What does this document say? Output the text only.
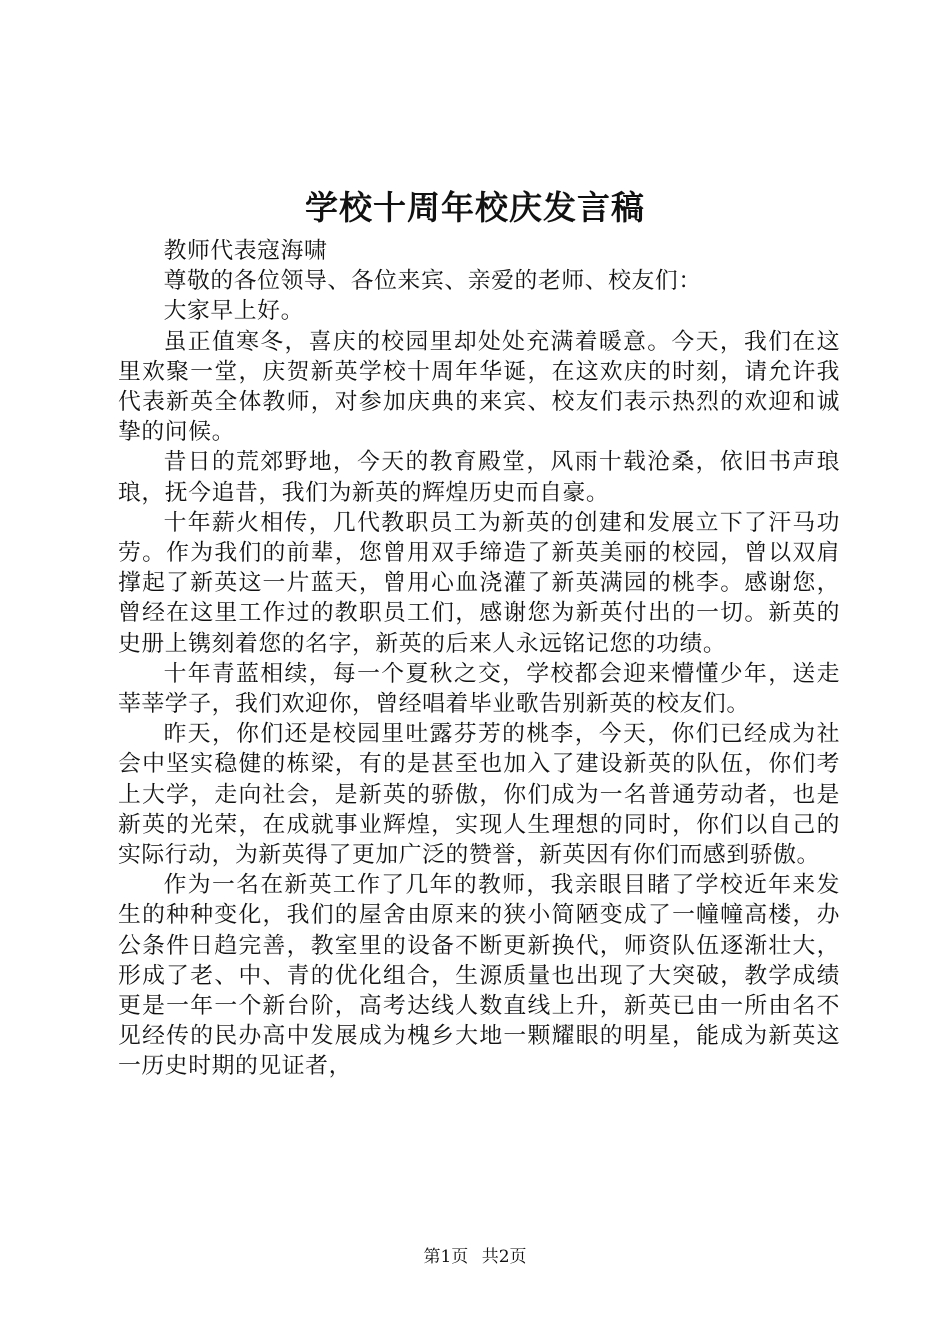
学校十周年校庆发言稿

教师代表寇海啸

尊敬的各位领导、各位来宾、亲爱的老师、校友们：

大家早上好。

虽正值寒冬，喜庆的校园里却处处充满着暖意。今天，我们在这里欢聚一堂，庆贺新英学校十周年华诞，在这欢庆的时刻，请允许我代表新英全体教师，对参加庆典的来宾、校友们表示热烈的欢迎和诚挚的问候。

昔日的荒郊野地，今天的教育殿堂，风雨十载沧桑，依旧书声琅琅，抚今追昔，我们为新英的辉煌历史而自豪。

十年薪火相传，几代教职员工为新英的创建和发展立下了汗马功劳。作为我们的前辈，您曾用双手缔造了新英美丽的校园，曾以双肩撑起了新英这一片蓝天，曾用心血浇灌了新英满园的桃李。感谢您，曾经在这里工作过的教职员工们，感谢您为新英付出的一切。新英的史册上镌刻着您的名字，新英的后来人永远铭记您的功绩。

十年青蓝相续，每一个夏秋之交，学校都会迎来懵懂少年，送走莘莘学子，我们欢迎你，曾经唱着毕业歌告别新英的校友们。

昨天，你们还是校园里吐露芬芳的桃李，今天，你们已经成为社会中坚实稳健的栋梁，有的是甚至也加入了建设新英的队伍，你们考上大学，走向社会，是新英的骄傲，你们成为一名普通劳动者，也是新英的光荣，在成就事业辉煌，实现人生理想的同时，你们以自己的实际行动，为新英得了更加广泛的赞誉，新英因有你们而感到骄傲。

作为一名在新英工作了几年的教师，我亲眼目睹了学校近年来发生的种种变化，我们的屋舍由原来的狭小简陋变成了一幢幢高楼，办公条件日趋完善，教室里的设备不断更新换代，师资队伍逐渐壮大，形成了老、中、青的优化组合，生源质量也出现了大突破，教学成绩更是一年一个新台阶，高考达线人数直线上升，新英已由一所由名不见经传的民办高中发展成为槐乡大地一颗耀眼的明星，能成为新英这一历史时期的见证者，

第1页 共2页
